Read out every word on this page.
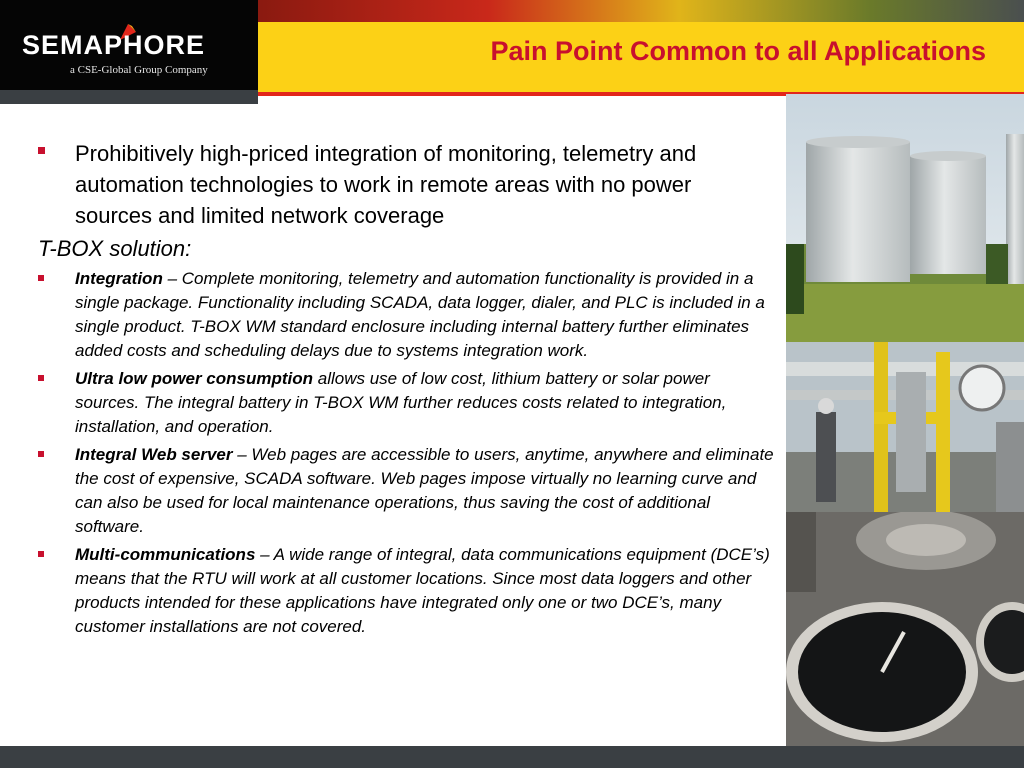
SEMAPHORE
a CSE-Global Group Company
Pain Point Common to all Applications
Prohibitively high-priced integration of monitoring, telemetry and automation technologies to work in remote areas with no power sources and limited network coverage
T-BOX solution:
Integration – Complete monitoring, telemetry and automation functionality is provided in a single package. Functionality including SCADA, data logger, dialer, and PLC is included in a single product. T-BOX WM standard enclosure including internal battery further eliminates added costs and scheduling delays due to systems integration work.
Ultra low power consumption allows use of low cost, lithium battery or solar power sources. The integral battery in T-BOX WM further reduces costs related to integration, installation, and operation.
Integral Web server – Web pages are accessible to users, anytime, anywhere and eliminate the cost of expensive, SCADA software. Web pages impose virtually no learning curve and can also be used for local maintenance operations, thus saving the cost of additional software.
Multi-communications – A wide range of integral, data communications equipment (DCE’s) means that the RTU will work at all customer locations. Since most data loggers and other products intended for these applications have integrated only one or two DCE’s, many customer installations are not covered.
